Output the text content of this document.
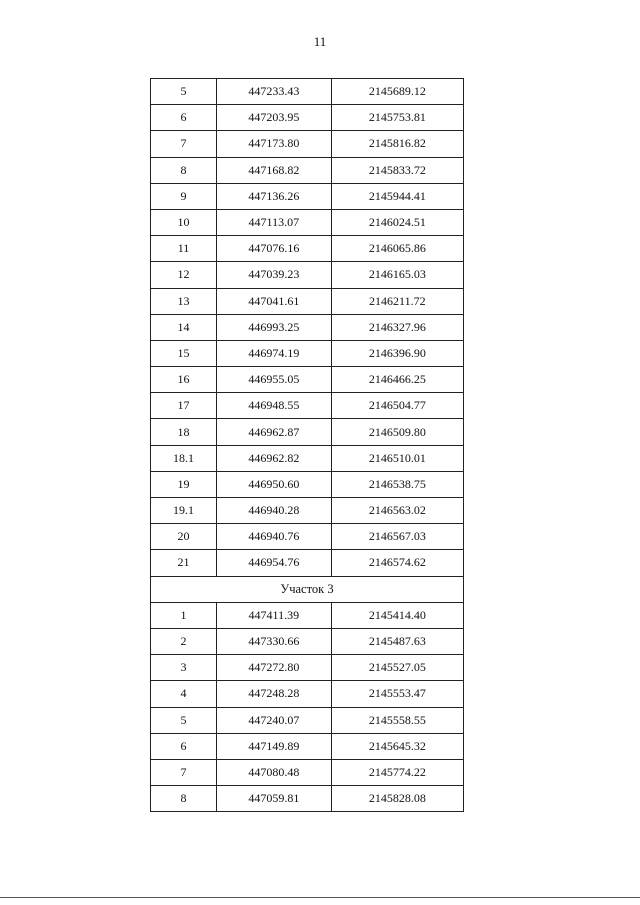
11
5	447233.43	2145689.12
6	447203.95	2145753.81
7	447173.80	2145816.82
8	447168.82	2145833.72
9	447136.26	2145944.41
10	447113.07	2146024.51
11	447076.16	2146065.86
12	447039.23	2146165.03
13	447041.61	2146211.72
14	446993.25	2146327.96
15	446974.19	2146396.90
16	446955.05	2146466.25
17	446948.55	2146504.77
18	446962.87	2146509.80
18.1	446962.82	2146510.01
19	446950.60	2146538.75
19.1	446940.28	2146563.02
20	446940.76	2146567.03
21	446954.76	2146574.62
Участок 3		
1	447411.39	2145414.40
2	447330.66	2145487.63
3	447272.80	2145527.05
4	447248.28	2145553.47
5	447240.07	2145558.55
6	447149.89	2145645.32
7	447080.48	2145774.22
8	447059.81	2145828.08
